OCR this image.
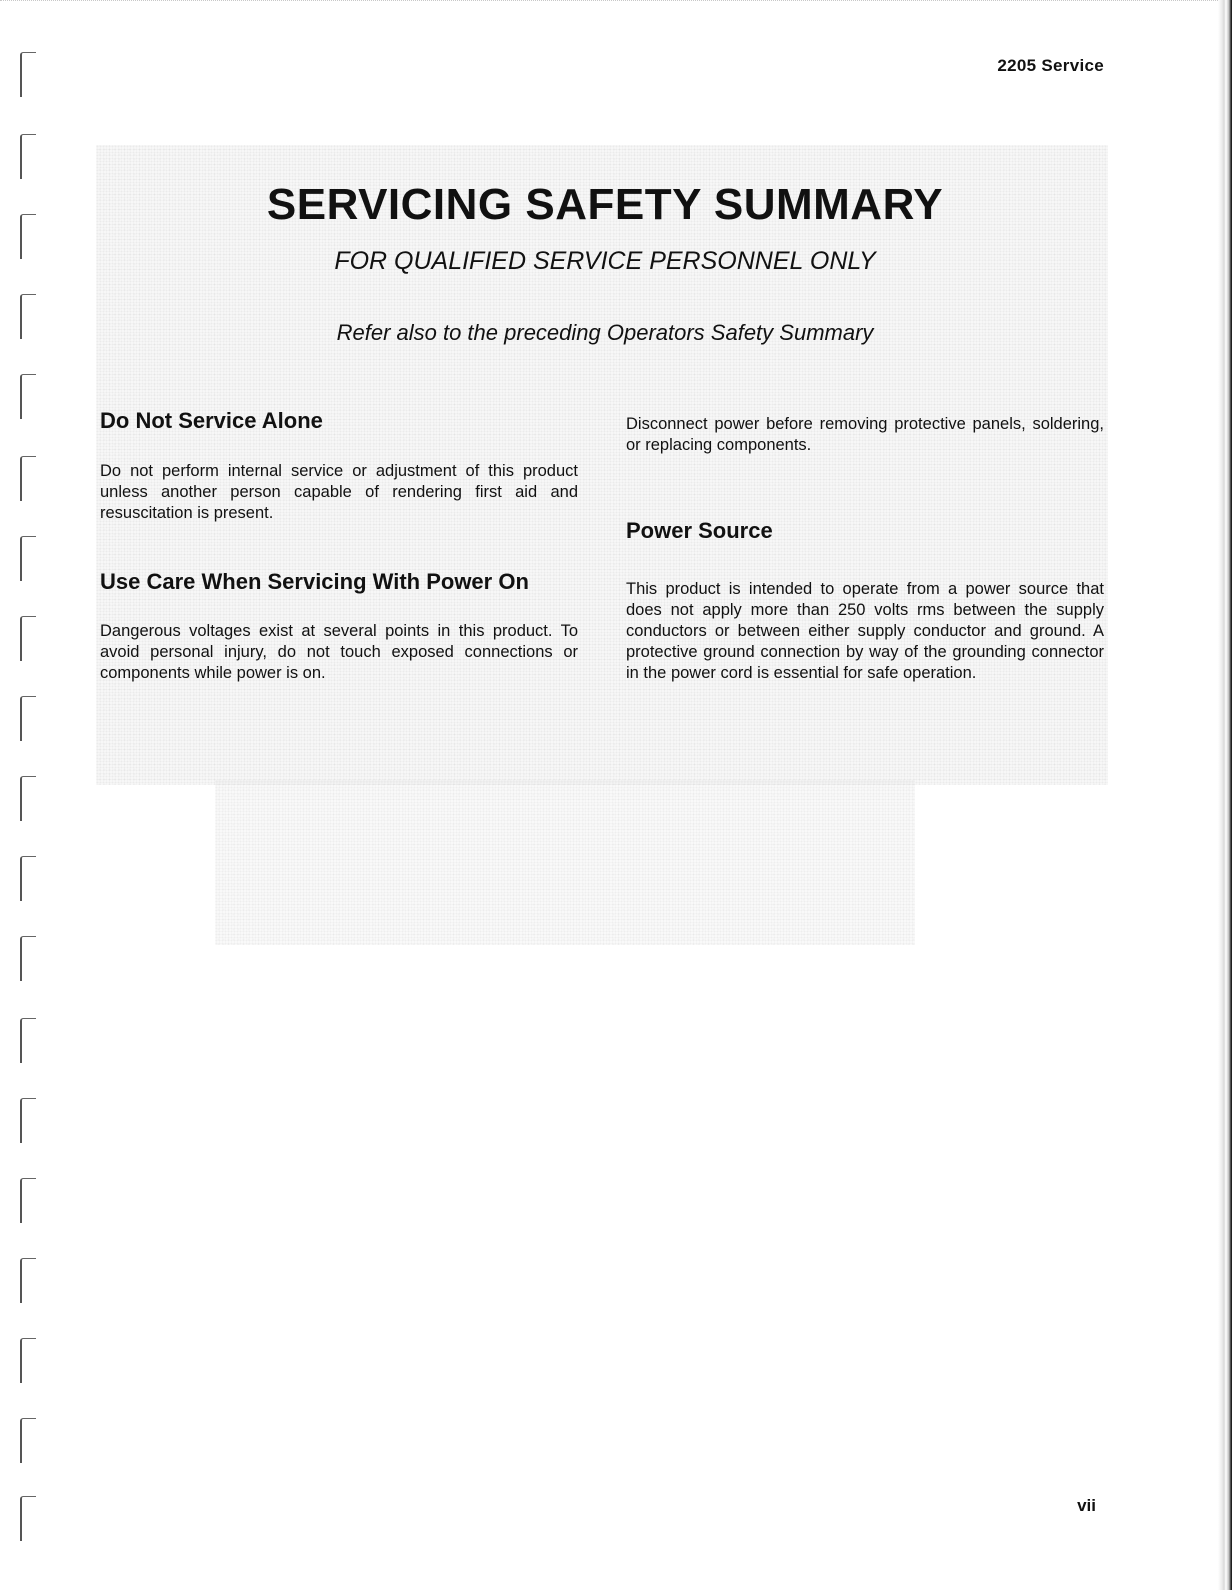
2205 Service
SERVICING SAFETY SUMMARY
FOR QUALIFIED SERVICE PERSONNEL ONLY
Refer also to the preceding Operators Safety Summary
Do Not Service Alone

Do not perform internal service or adjustment of this product unless another person capable of rendering first aid and resuscitation is present.

Use Care When Servicing With Power On

Dangerous voltages exist at several points in this product. To avoid personal injury, do not touch exposed connections or components while power is on.

Disconnect power before removing protective panels, soldering, or replacing components.

Power Source

This product is intended to operate from a power source that does not apply more than 250 volts rms between the supply conductors or between either supply conductor and ground. A protective ground connection by way of the grounding connector in the power cord is essential for safe operation.

vii
